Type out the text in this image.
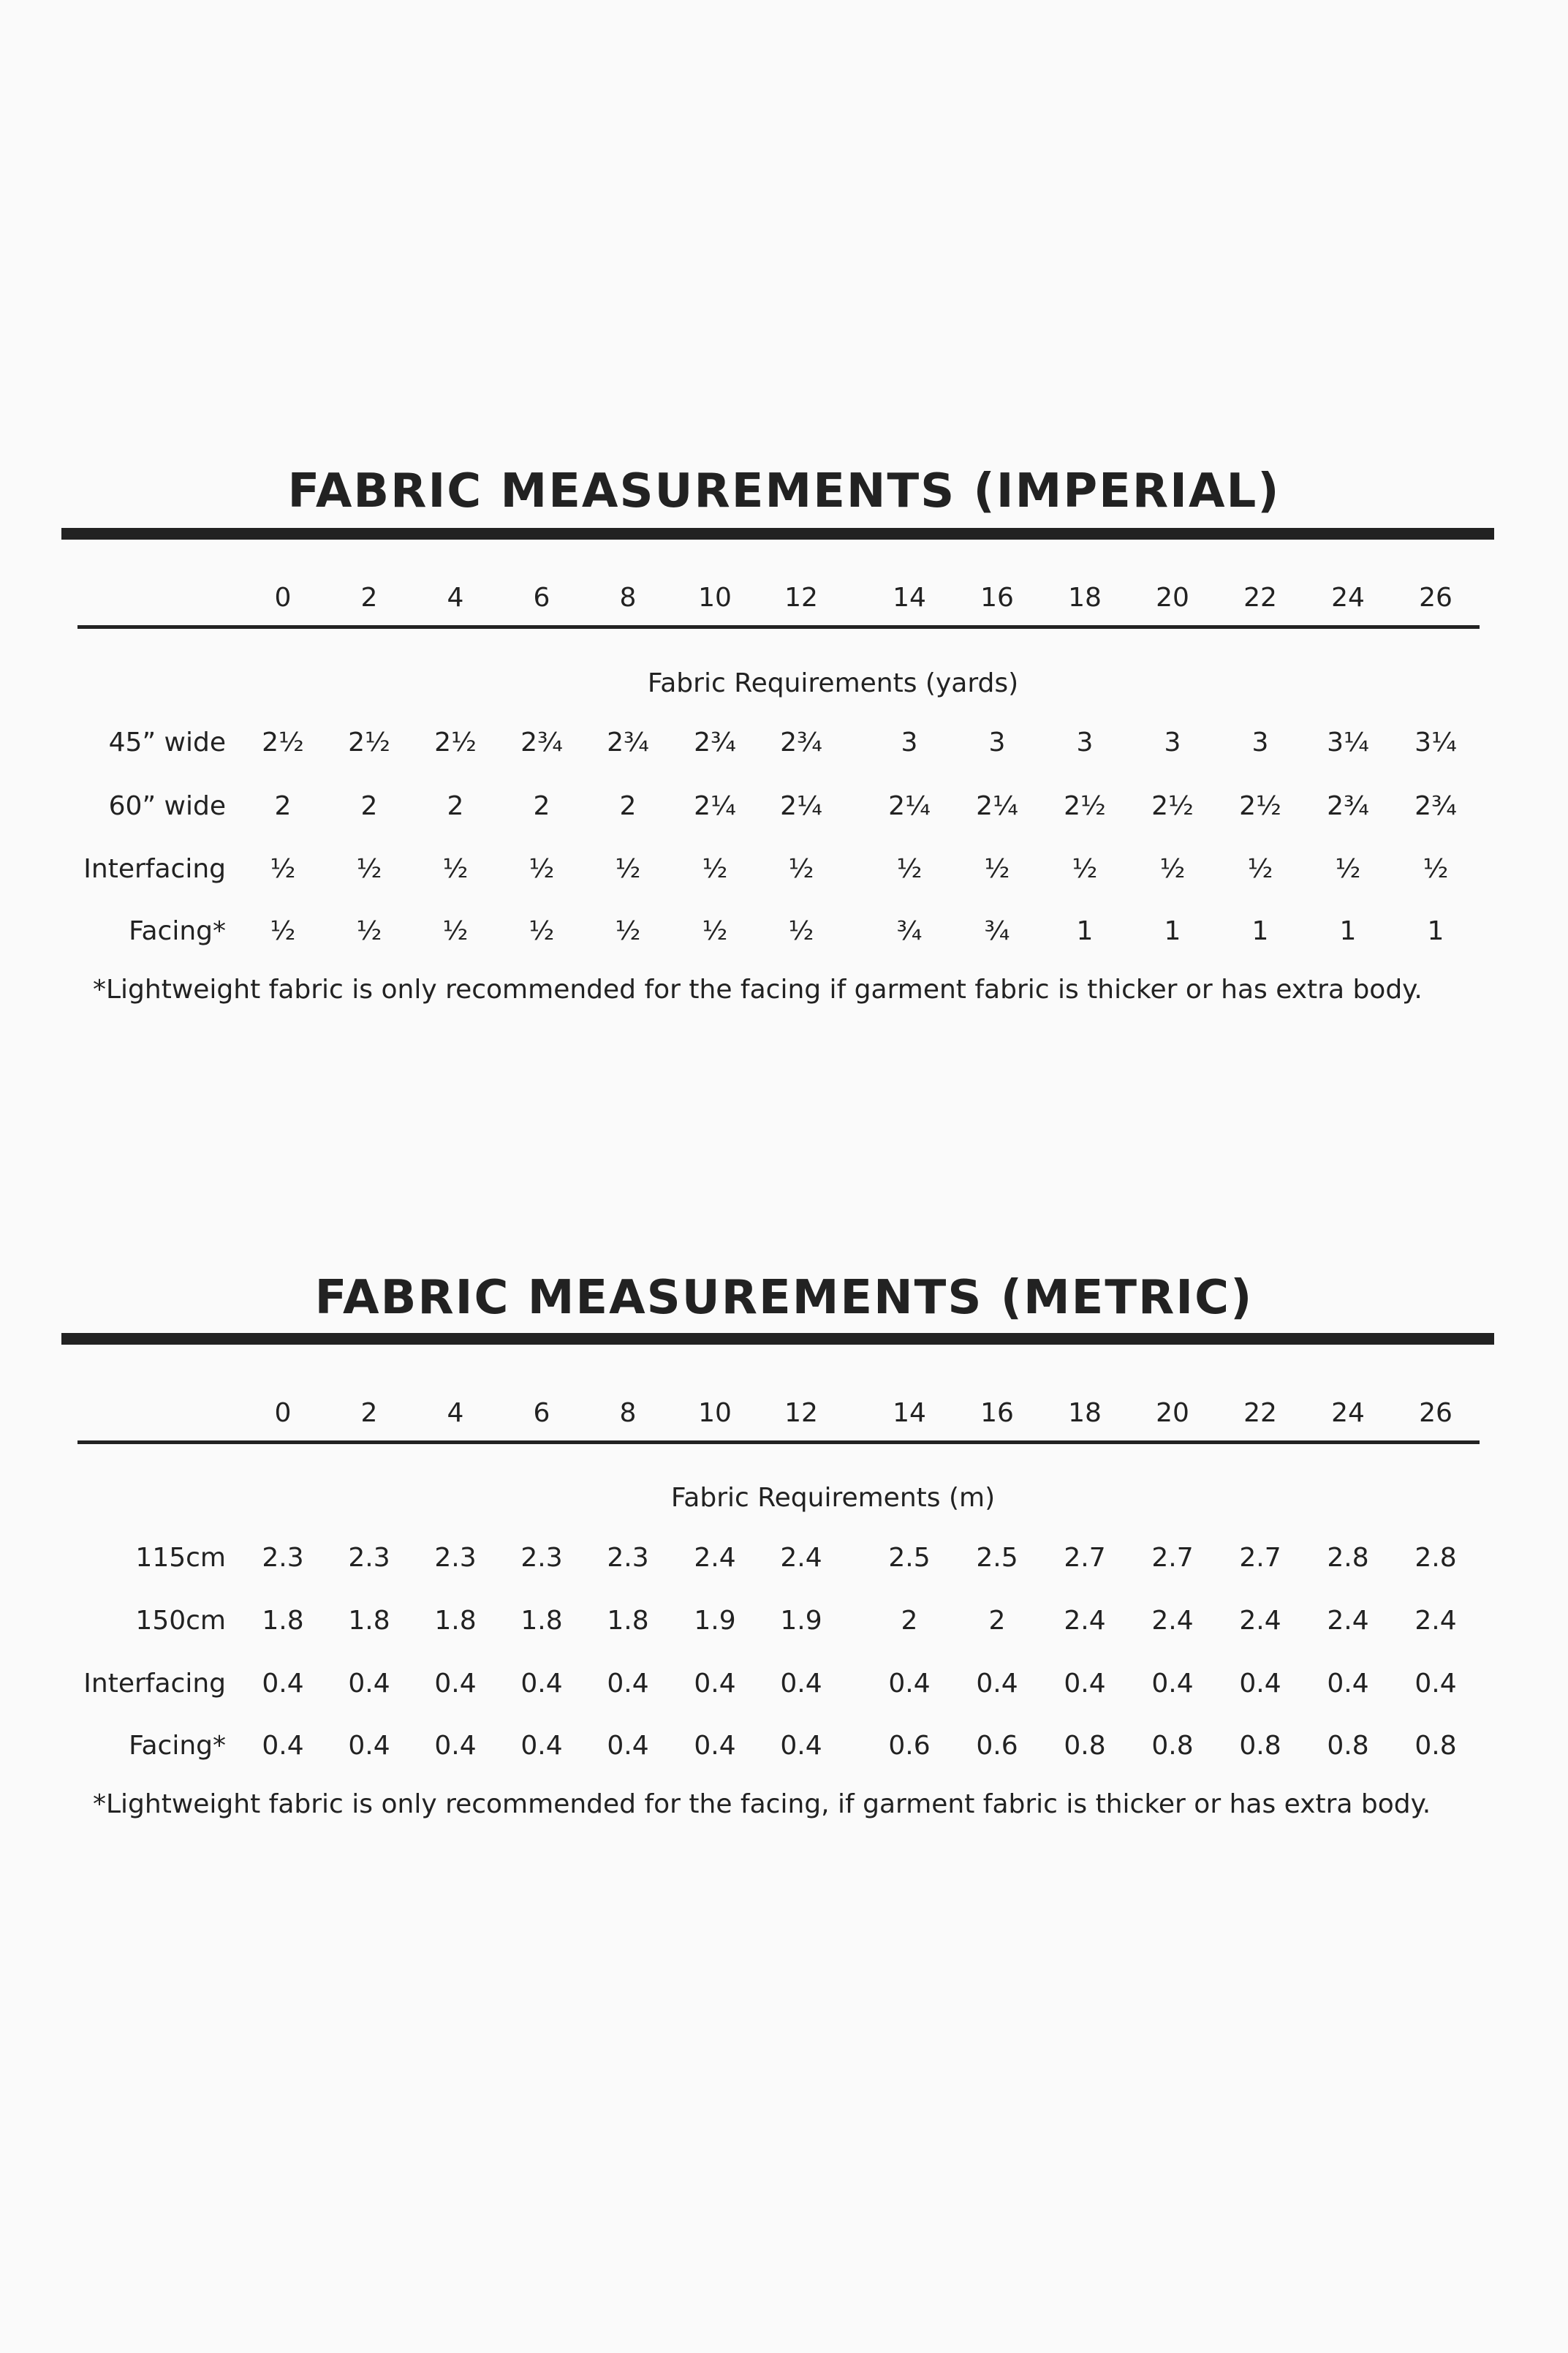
FABRIC MEASUREMENTS (IMPERIAL)
0	2	4	6	8	10	12	14	16	18	20	22	24	26
Fabric Requirements (yards)
45” wide	2½	2½	2½	2¾	2¾	2¾	2¾	3	3	3	3	3	3¼	3¼
60” wide	2	2	2	2	2	2¼	2¼	2¼	2¼	2½	2½	2½	2¾	2¾
Interfacing	½	½	½	½	½	½	½	½	½	½	½	½	½	½
Facing*	½	½	½	½	½	½	½	¾	¾	1	1	1	1	1
*Lightweight fabric is only recommended for the facing if garment fabric is thicker or has extra body.
FABRIC MEASUREMENTS (METRIC)
0	2	4	6	8	10	12	14	16	18	20	22	24	26
Fabric Requirements (m)
115cm	2.3	2.3	2.3	2.3	2.3	2.4	2.4	2.5	2.5	2.7	2.7	2.7	2.8	2.8
150cm	1.8	1.8	1.8	1.8	1.8	1.9	1.9	2	2	2.4	2.4	2.4	2.4	2.4
Interfacing	0.4	0.4	0.4	0.4	0.4	0.4	0.4	0.4	0.4	0.4	0.4	0.4	0.4	0.4
Facing*	0.4	0.4	0.4	0.4	0.4	0.4	0.4	0.6	0.6	0.8	0.8	0.8	0.8	0.8
*Lightweight fabric is only recommended for the facing, if garment fabric is thicker or has extra body.
